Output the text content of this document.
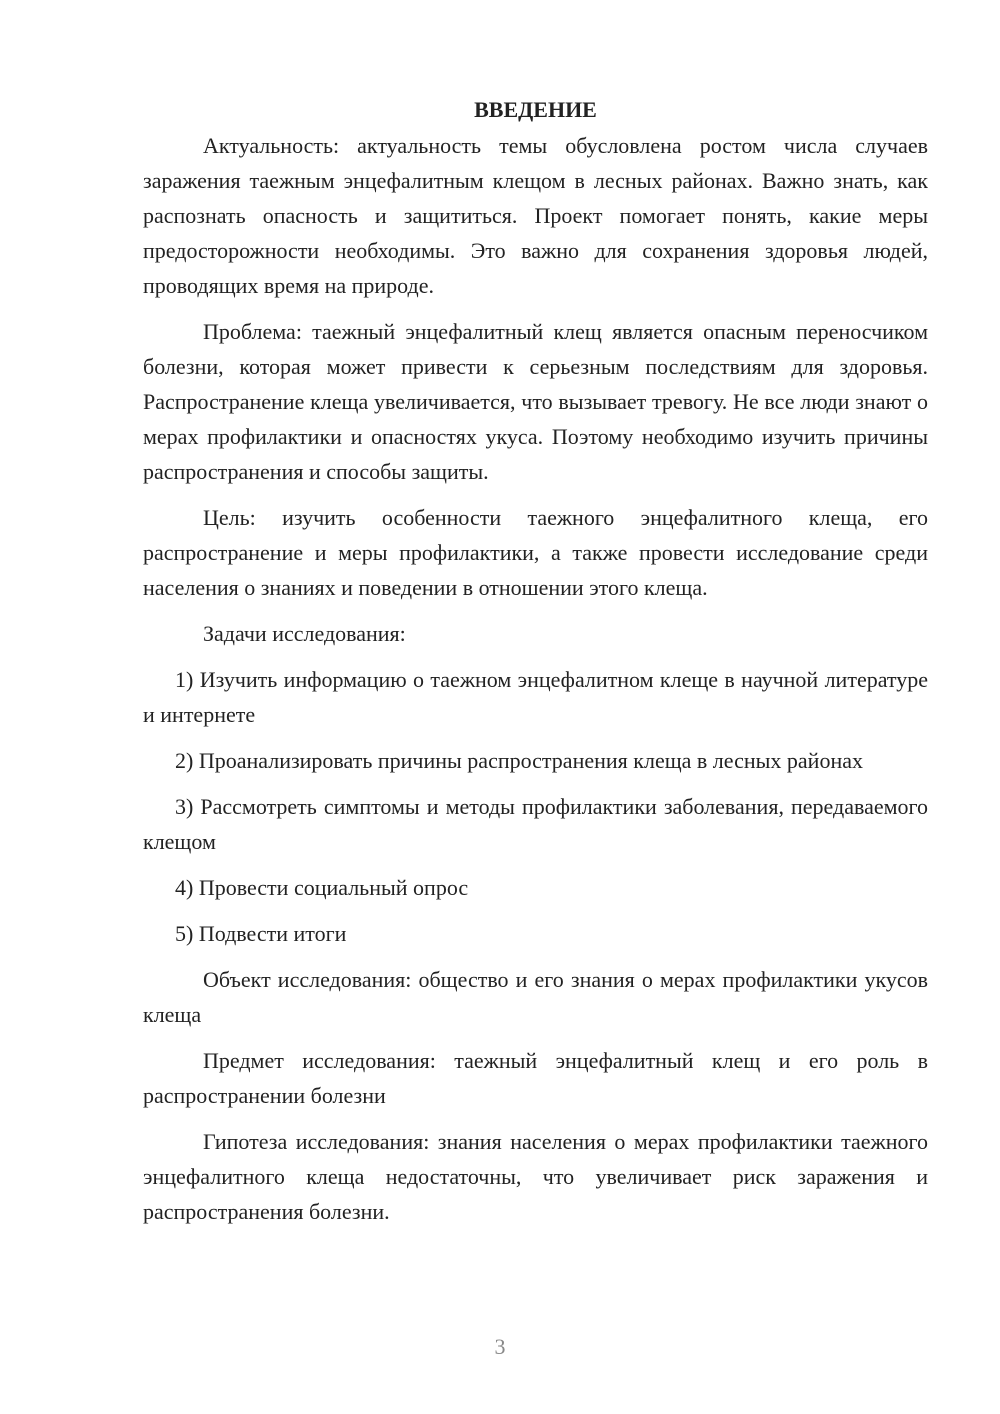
ВВЕДЕНИЕ

Актуальность: актуальность темы обусловлена ростом числа случаев заражения таежным энцефалитным клещом в лесных районах. Важно знать, как распознать опасность и защититься. Проект помогает понять, какие меры предосторожности необходимы. Это важно для сохранения здоровья людей, проводящих время на природе.

Проблема: таежный энцефалитный клещ является опасным переносчиком болезни, которая может привести к серьезным последствиям для здоровья. Распространение клеща увеличивается, что вызывает тревогу. Не все люди знают о мерах профилактики и опасностях укуса. Поэтому необходимо изучить причины распространения и способы защиты.

Цель: изучить особенности таежного энцефалитного клеща, его распространение и меры профилактики, а также провести исследование среди населения о знаниях и поведении в отношении этого клеща.

Задачи исследования:

1) Изучить информацию о таежном энцефалитном клеще в научной литературе и интернете

2) Проанализировать причины распространения клеща в лесных районах

3) Рассмотреть симптомы и методы профилактики заболевания, передаваемого клещом

4) Провести социальный опрос

5) Подвести итоги

Объект исследования: общество и его знания о мерах профилактики укусов клеща

Предмет исследования: таежный энцефалитный клещ и его роль в распространении болезни

Гипотеза исследования: знания населения о мерах профилактики таежного энцефалитного клеща недостаточны, что увеличивает риск заражения и распространения болезни.

3
